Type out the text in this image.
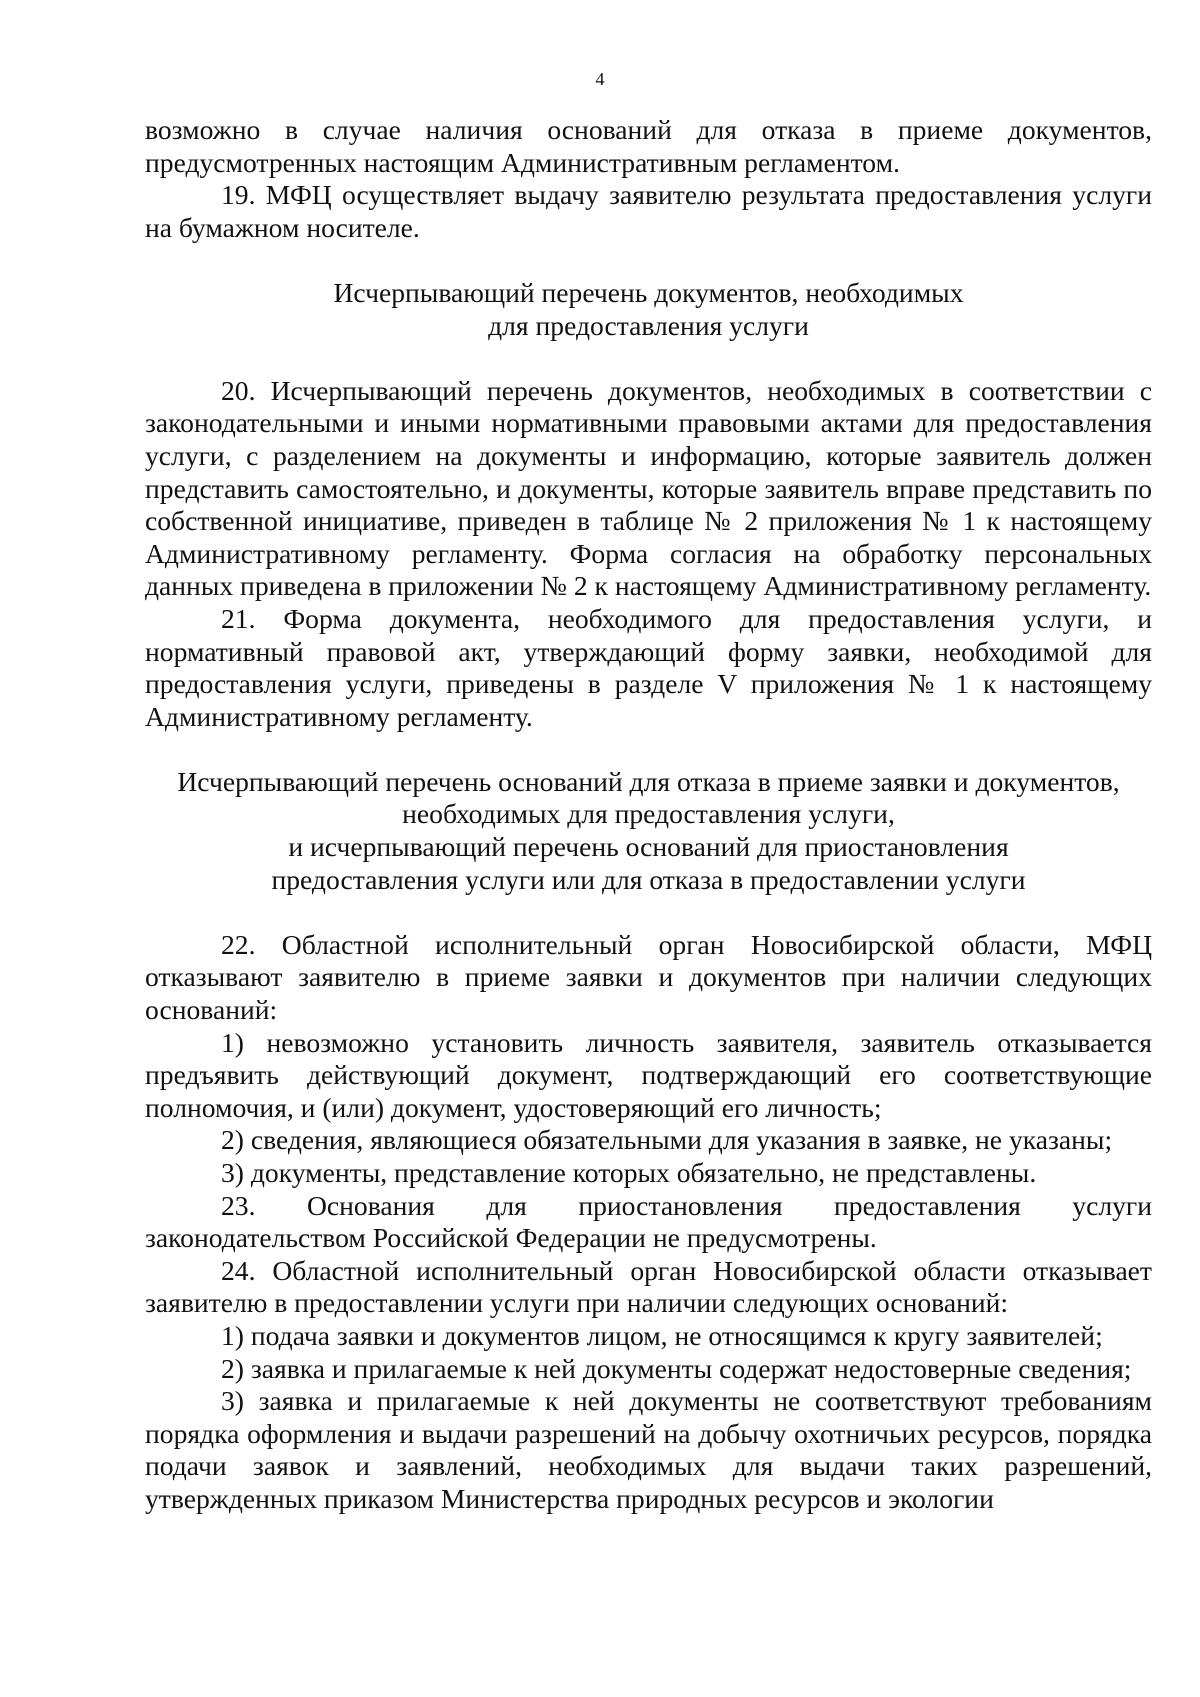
4

возможно в случае наличия оснований для отказа в приеме документов, предусмотренных настоящим Административным регламентом.

19. МФЦ осуществляет выдачу заявителю результата предоставления услуги на бумажном носителе.

Исчерпывающий перечень документов, необходимых

для предоставления услуги

20. Исчерпывающий перечень документов, необходимых в соответствии с законодательными и иными нормативными правовыми актами для предоставления услуги, с разделением на документы и информацию, которые заявитель должен представить самостоятельно, и документы, которые заявитель вправе представить по собственной инициативе, приведен в таблице № 2 приложения № 1 к настоящему Административному регламенту. Форма согласия на обработку персональных данных приведена в приложении № 2 к настоящему Административному регламенту.

21. Форма документа, необходимого для предоставления услуги, и нормативный правовой акт, утверждающий форму заявки, необходимой для предоставления услуги, приведены в разделе V приложения № 1 к настоящему Административному регламенту.

Исчерпывающий перечень оснований для отказа в приеме заявки и документов,

необходимых для предоставления услуги,

и исчерпывающий перечень оснований для приостановления

предоставления услуги или для отказа в предоставлении услуги

22. Областной исполнительный орган Новосибирской области, МФЦ отказывают заявителю в приеме заявки и документов при наличии следующих оснований:

1) невозможно установить личность заявителя, заявитель отказывается предъявить действующий документ, подтверждающий его соответствующие полномочия, и (или) документ, удостоверяющий его личность;

2) сведения, являющиеся обязательными для указания в заявке, не указаны;

3) документы, представление которых обязательно, не представлены.

23. Основания для приостановления предоставления услуги законодательством Российской Федерации не предусмотрены.

24. Областной исполнительный орган Новосибирской области отказывает заявителю в предоставлении услуги при наличии следующих оснований:

1) подача заявки и документов лицом, не относящимся к кругу заявителей;

2) заявка и прилагаемые к ней документы содержат недостоверные сведения;

3) заявка и прилагаемые к ней документы не соответствуют требованиям порядка оформления и выдачи разрешений на добычу охотничьих ресурсов, порядка подачи заявок и заявлений, необходимых для выдачи таких разрешений, утвержденных приказом Министерства природных ресурсов и экологии
